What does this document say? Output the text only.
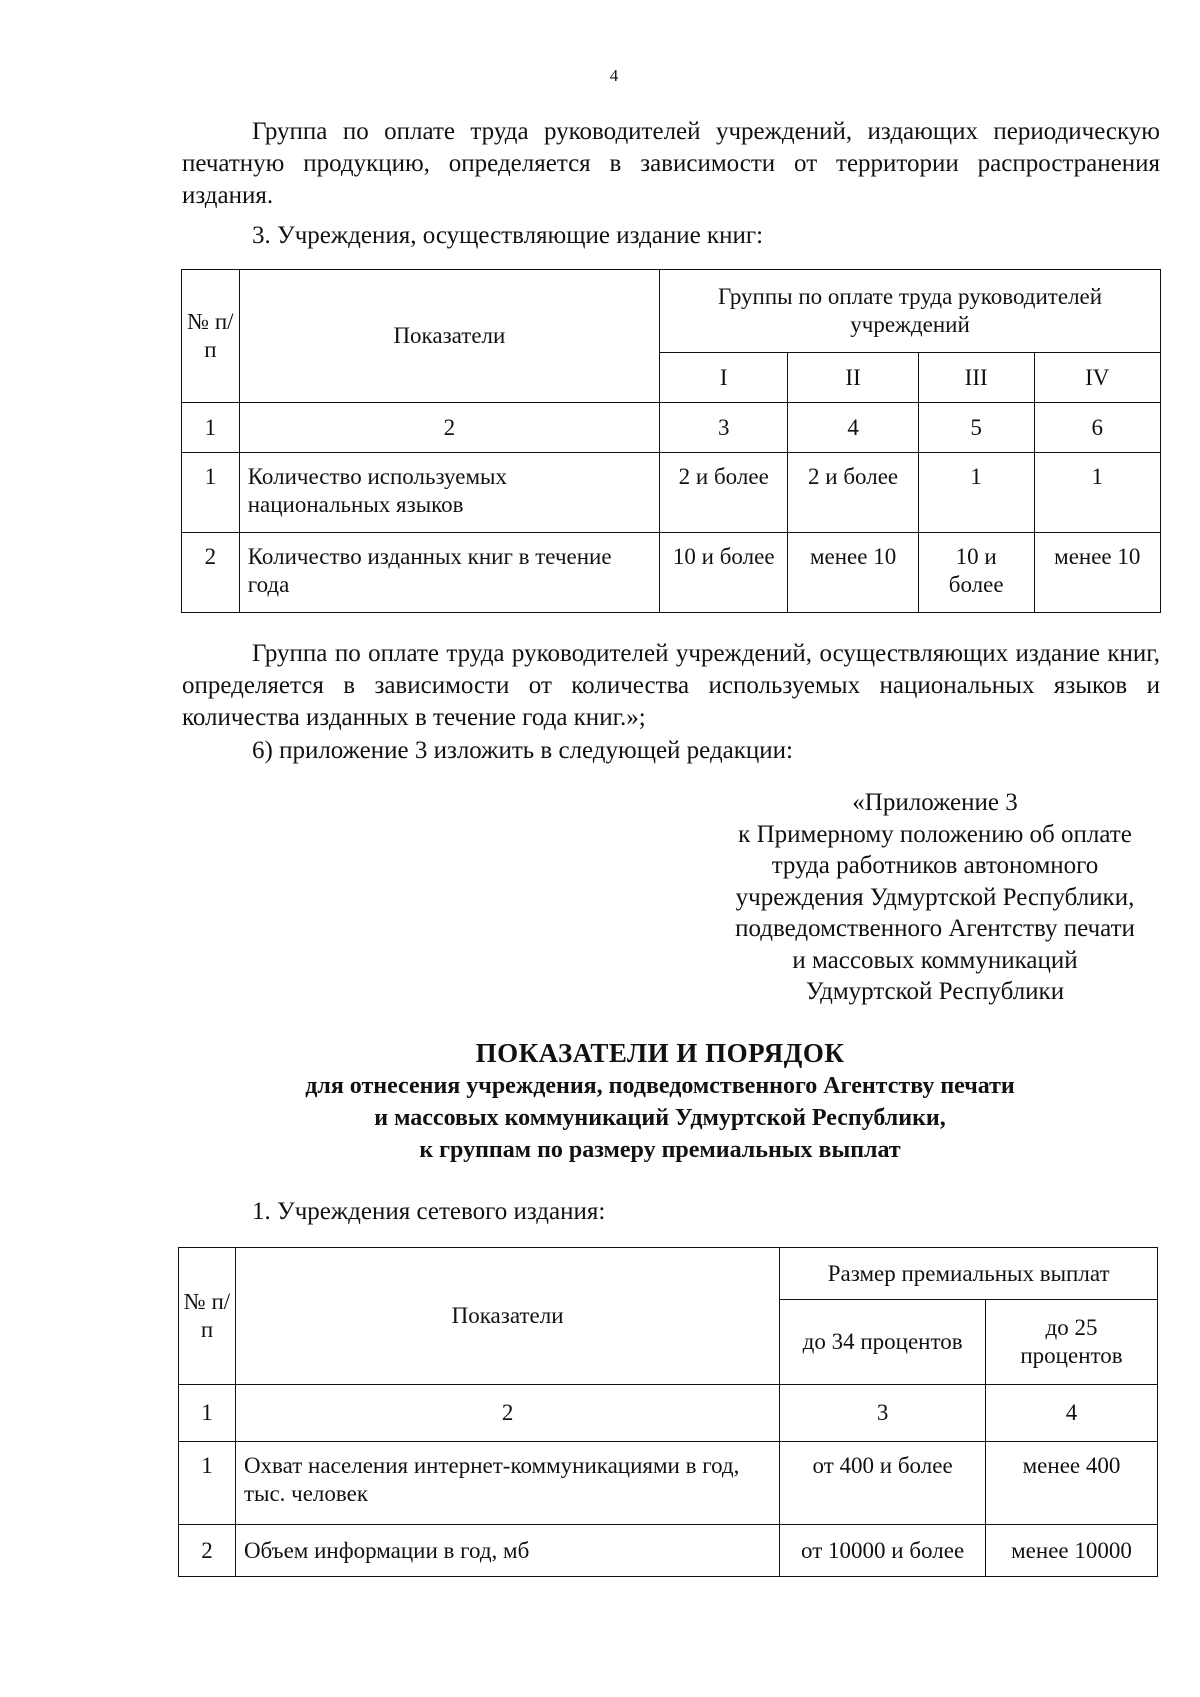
4

Группа по оплате труда руководителей учреждений, издающих периодическую печатную продукцию, определяется в зависимости от территории распространения издания.

3. Учреждения, осуществляющие издание книг:
№ п/п	Показатели	Группы по оплате труда руководителей учреждений			
		I	II	III	IV
1	2	3	4	5	6
1	Количество используемых национальных языков	2 и более	2 и более	1	1
2	Количество изданных книг в течение года	10 и более	менее 10	10 и более	менее 10

Группа по оплате труда руководителей учреждений, осуществляющих издание книг, определяется в зависимости от количества используемых национальных языков и количества изданных в течение года книг.»;

6) приложение 3 изложить в следующей редакции:
«Приложение 3
к Примерному положению об оплате
труда работников автономного
учреждения Удмуртской Республики,
подведомственного Агентству печати
и массовых коммуникаций
Удмуртской Республики
ПОКАЗАТЕЛИ И ПОРЯДОК
для отнесения учреждения, подведомственного Агентству печати
и массовых коммуникаций Удмуртской Республики,
к группам по размеру премиальных выплат
1. Учреждения сетевого издания:
№ п/п	Показатели	Размер премиальных выплат	
		до 34 процентов	до 25 процентов
1	2	3	4
1	Охват населения интернет-коммуникациями в год, тыс. человек	от 400 и более	менее 400
2	Объем информации в год, мб	от 10000 и более	менее 10000
